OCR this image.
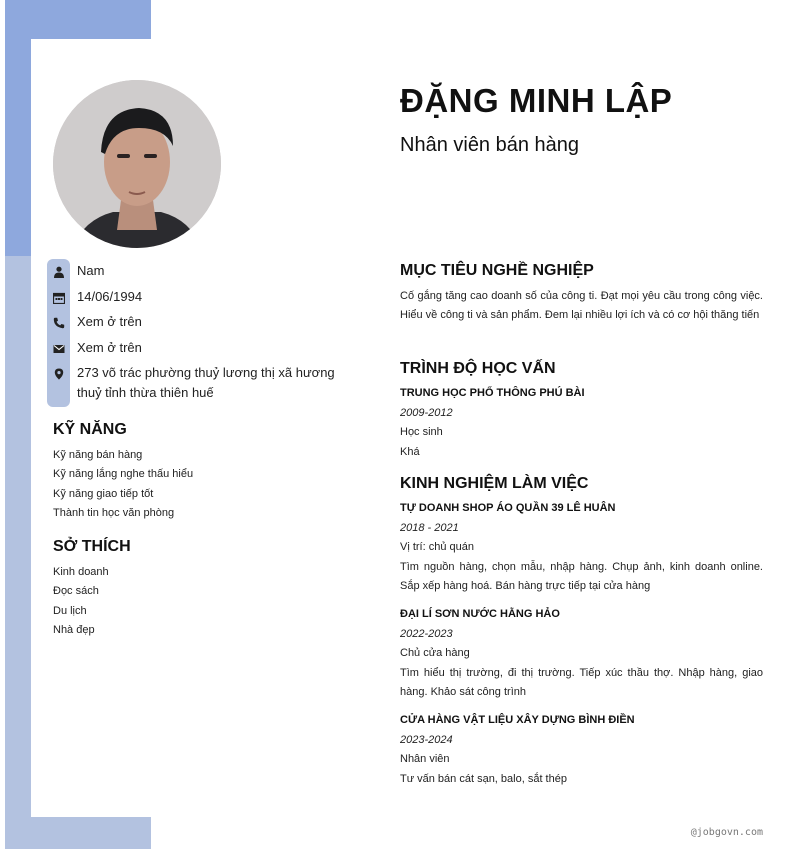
ĐẶNG MINH LẬP
Nhân viên bán hàng
Nam
14/06/1994
Xem ở trên
Xem ở trên
273 võ trác phường thuỷ lương thị xã hương thuỷ tỉnh thừa thiên huế
KỸ NĂNG
Kỹ năng bán hàng
Kỹ năng lắng nghe thấu hiểu
Kỹ năng giao tiếp tốt
Thành tin học văn phòng
SỞ THÍCH
Kinh doanh
Đọc sách
Du lịch
Nhà đẹp
MỤC TIÊU NGHỀ NGHIỆP
Cố gắng tăng cao doanh số của công ti. Đạt mọi yêu cầu trong công việc. Hiểu về công ti và sản phẩm. Đem lại nhiều lợi ích và có cơ hội thăng tiến
TRÌNH ĐỘ HỌC VẤN
TRUNG HỌC PHỔ THÔNG PHÚ BÀI
2009-2012
Học sinh
Khá
KINH NGHIỆM LÀM VIỆC
TỰ DOANH SHOP ÁO QUẦN 39 LÊ HUÂN
2018 - 2021
Vị trí: chủ quán
Tìm nguồn hàng, chọn mẫu, nhập hàng. Chụp ảnh, kinh doanh online. Sắp xếp hàng hoá. Bán hàng trực tiếp tại cửa hàng
ĐẠI LÍ SƠN NƯỚC HẰNG HẢO
2022-2023
Chủ cửa hàng
Tìm hiểu thị trường, đi thị trường. Tiếp xúc thầu thợ. Nhập hàng, giao hàng. Khảo sát công trình
CỬA HÀNG VẬT LIỆU XÂY DỰNG BÌNH ĐIỀN
2023-2024
Nhân viên
Tư vấn bán cát sạn, balo, sắt thép
@jobgovn.com
